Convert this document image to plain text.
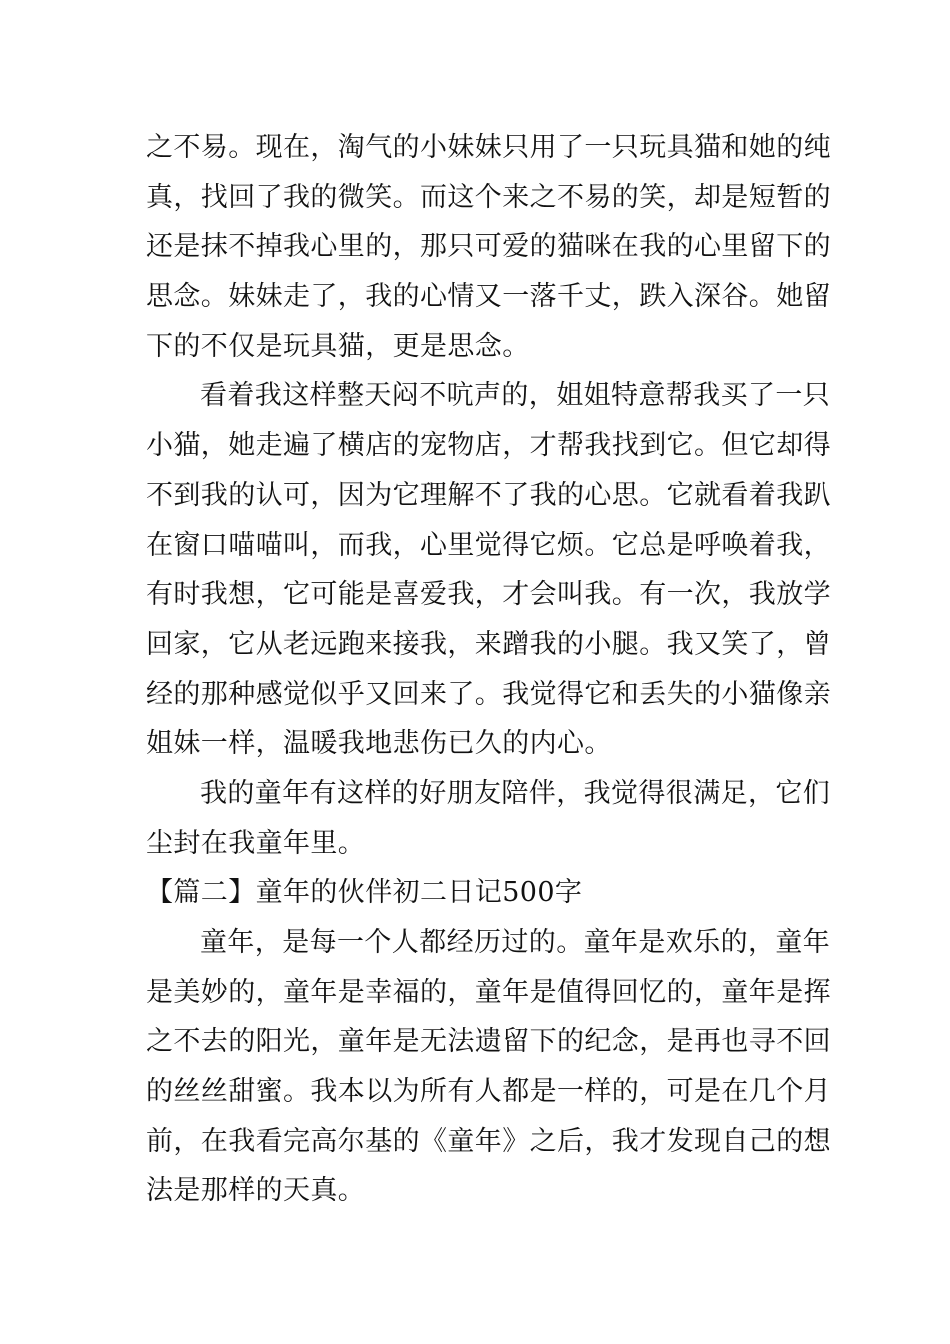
之不易。现在，淘气的小妹妹只用了一只玩具猫和她的纯
真，找回了我的微笑。而这个来之不易的笑，却是短暂的
还是抹不掉我心里的，那只可爱的猫咪在我的心里留下的
思念。妹妹走了，我的心情又一落千丈，跌入深谷。她留
下的不仅是玩具猫，更是思念。
看着我这样整天闷不吭声的，姐姐特意帮我买了一只
小猫，她走遍了横店的宠物店，才帮我找到它。但它却得
不到我的认可，因为它理解不了我的心思。它就看着我趴
在窗口喵喵叫，而我，心里觉得它烦。它总是呼唤着我，
有时我想，它可能是喜爱我，才会叫我。有一次，我放学
回家，它从老远跑来接我，来蹭我的小腿。我又笑了，曾
经的那种感觉似乎又回来了。我觉得它和丢失的小猫像亲
姐妹一样，温暖我地悲伤已久的内心。
我的童年有这样的好朋友陪伴，我觉得很满足，它们
尘封在我童年里。
【篇二】童年的伙伴初二日记500字
童年，是每一个人都经历过的。童年是欢乐的，童年
是美妙的，童年是幸福的，童年是值得回忆的，童年是挥
之不去的阳光，童年是无法遗留下的纪念，是再也寻不回
的丝丝甜蜜。我本以为所有人都是一样的，可是在几个月
前，在我看完高尔基的《童年》之后，我才发现自己的想
法是那样的天真。
